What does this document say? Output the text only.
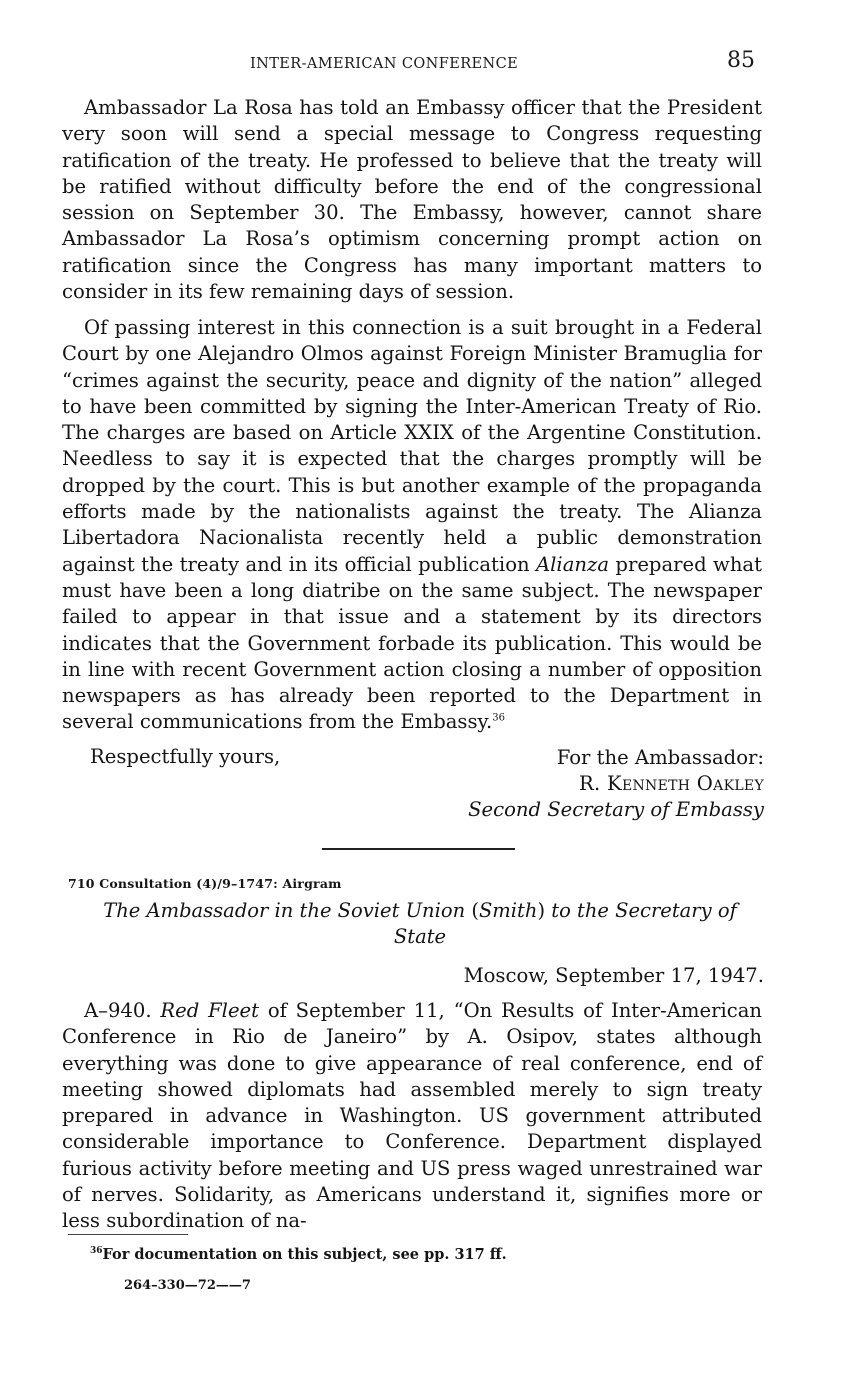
INTER-AMERICAN CONFERENCE	85

Ambassador La Rosa has told an Embassy officer that the President very soon will send a special message to Congress requesting ratification of the treaty. He professed to believe that the treaty will be ratified without difficulty before the end of the congressional session on September 30. The Embassy, however, cannot share Ambassador La Rosa’s optimism concerning prompt action on ratification since the Congress has many important matters to consider in its few remaining days of session.

Of passing interest in this connection is a suit brought in a Federal Court by one Alejandro Olmos against Foreign Minister Bramuglia for “crimes against the security, peace and dignity of the nation” alleged to have been committed by signing the Inter-American Treaty of Rio. The charges are based on Article XXIX of the Argentine Constitution. Needless to say it is expected that the charges promptly will be dropped by the court. This is but another example of the propaganda efforts made by the nationalists against the treaty. The Alianza Libertadora Nacionalista recently held a public demonstration against the treaty and in its official publication Alianza prepared what must have been a long diatribe on the same subject. The newspaper failed to appear in that issue and a statement by its directors indicates that the Government forbade its publication. This would be in line with recent Government action closing a number of opposition newspapers as has already been reported to the Department in several communications from the Embassy.$^{36}$

Respectfully yours,	For the Ambassador:
R. Kenneth Oakley
Second Secretary of Embassy
710 Consultation (4)/9–1747: Airgram
The Ambassador in the Soviet Union (Smith) to the Secretary of State
Moscow, September 17, 1947.

A–940. Red Fleet of September 11, “On Results of Inter-American Conference in Rio de Janeiro” by A. Osipov, states although everything was done to give appearance of real conference, end of meeting showed diplomats had assembled merely to sign treaty prepared in advance in Washington. US government attributed considerable importance to Conference. Department displayed furious activity before meeting and US press waged unrestrained war of nerves. Solidarity, as Americans understand it, signifies more or less subordination of na-

$^{36}$For documentation on this subject, see pp. 317 ff.
264–330—72——7
